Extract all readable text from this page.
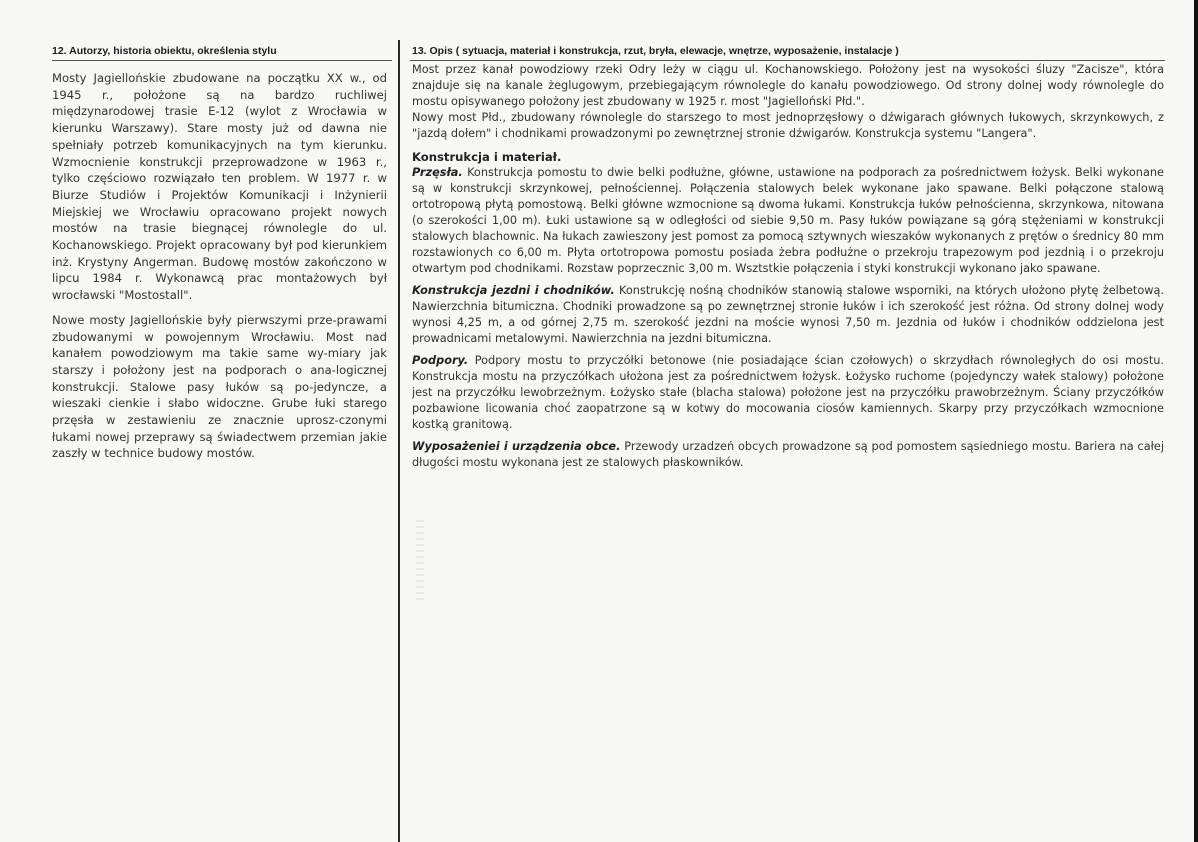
12. Autorzy, historia obiektu, określenia stylu

Mosty Jagiellońskie zbudowane na początku XX w., od 1945 r., położone są na bardzo ruchliwej międzynarodowej trasie E-12 (wylot z Wrocławia w kierunku Warszawy). Stare mosty już od dawna nie spełniały potrzeb komunikacyjnych na tym kierunku. Wzmocnienie konstrukcji przeprowadzone w 1963 r., tylko częściowo rozwiązało ten problem. W 1977 r. w Biurze Studiów i Projektów Komunikacji i Inżynierii Miejskiej we Wrocławiu opracowano projekt nowych mostów na trasie biegnącej równolegle do ul. Kochanowskiego. Projekt opracowany był pod kierunkiem inż. Krystyny Angerman. Budowę mostów zakończono w lipcu 1984 r. Wykonawcą prac montażowych był wrocławski "Mostostall".

Nowe mosty Jagiellońskie były pierwszymi prze-prawami zbudowanymi w powojennym Wrocławiu. Most nad kanałem powodziowym ma takie same wy-miary jak starszy i położony jest na podporach o ana-logicznej konstrukcji. Stalowe pasy łuków są po-jedyncze, a wieszaki cienkie i słabo widoczne. Grube łuki starego przęsła w zestawieniu ze znacznie uprosz-czonymi łukami nowej przeprawy są świadectwem przemian jakie zaszły w technice budowy mostów.

13. Opis ( sytuacja, materiał i konstrukcja, rzut, bryła, elewacje, wnętrze, wyposażenie, instalacje )

Most przez kanał powodziowy rzeki Odry leży w ciągu ul. Kochanowskiego. Położony jest na wysokości śluzy "Zacisze", która znajduje się na kanale żeglugowym, przebiegającym równolegle do kanału powodziowego. Od strony dolnej wody równolegle do mostu opisywanego położony jest zbudowany w 1925 r. most "Jagielloński Płd.".

Nowy most Płd., zbudowany równolegle do starszego to most jednoprzęsłowy o dźwigarach głównych łukowych, skrzynkowych, z "jazdą dołem" i chodnikami prowadzonymi po zewnętrznej stronie dźwigarów. Konstrukcja systemu "Langera".

Konstrukcja i materiał.

Przęsła. Konstrukcja pomostu to dwie belki podłużne, główne, ustawione na podporach za pośrednictwem łożysk. Belki wykonane są w konstrukcji skrzynkowej, pełnościennej. Połączenia stalowych belek wykonane jako spawane. Belki połączone stalową ortotropową płytą pomostową. Belki główne wzmocnione są dwoma łukami. Konstrukcja łuków pełnościenna, skrzynkowa, nitowana (o szerokości 1,00 m). Łuki ustawione są w odległości od siebie 9,50 m. Pasy łuków powiązane są górą stężeniami w konstrukcji stalowych blachownic. Na łukach zawieszony jest pomost za pomocą sztywnych wieszaków wykonanych z prętów o średnicy 80 mm rozstawionych co 6,00 m. Płyta ortotropowa pomostu posiada żebra podłużne o przekroju trapezowym pod jezdnią i o przekroju otwartym pod chodnikami. Rozstaw poprzecznic 3,00 m. Wsztstkie połączenia i styki konstrukcji wykonano jako spawane.

Konstrukcja jezdni i chodników. Konstrukcję nośną chodników stanowią stalowe wsporniki, na których ułożono płytę żelbetową. Nawierzchnia bitumiczna. Chodniki prowadzone są po zewnętrznej stronie łuków i ich szerokość jest różna. Od strony dolnej wody wynosi 4,25 m, a od górnej 2,75 m. szerokość jezdni na moście wynosi 7,50 m. Jezdnia od łuków i chodników oddzielona jest prowadnicami metalowymi. Nawierzchnia na jezdni bitumiczna.

Podpory. Podpory mostu to przyczółki betonowe (nie posiadające ścian czołowych) o skrzydłach równoległych do osi mostu. Konstrukcja mostu na przyczółkach ułożona jest za pośrednictwem łożysk. Łożysko ruchome (pojedynczy wałek stalowy) położone jest na przyczółku lewobrzeżnym. Łożysko stałe (blacha stalowa) położone jest na przyczółku prawobrzeżnym. Ściany przyczółków pozbawione licowania choć zaopatrzone są w kotwy do mocowania ciosów kamiennych. Skarpy przy przyczółkach wzmocnione kostką granitową.

Wyposażeniei i urządzenia obce. Przewody urzadzeń obcych prowadzone są pod pomostem sąsiedniego mostu. Bariera na całej długości mostu wykonana jest ze stalowych płaskowników.
